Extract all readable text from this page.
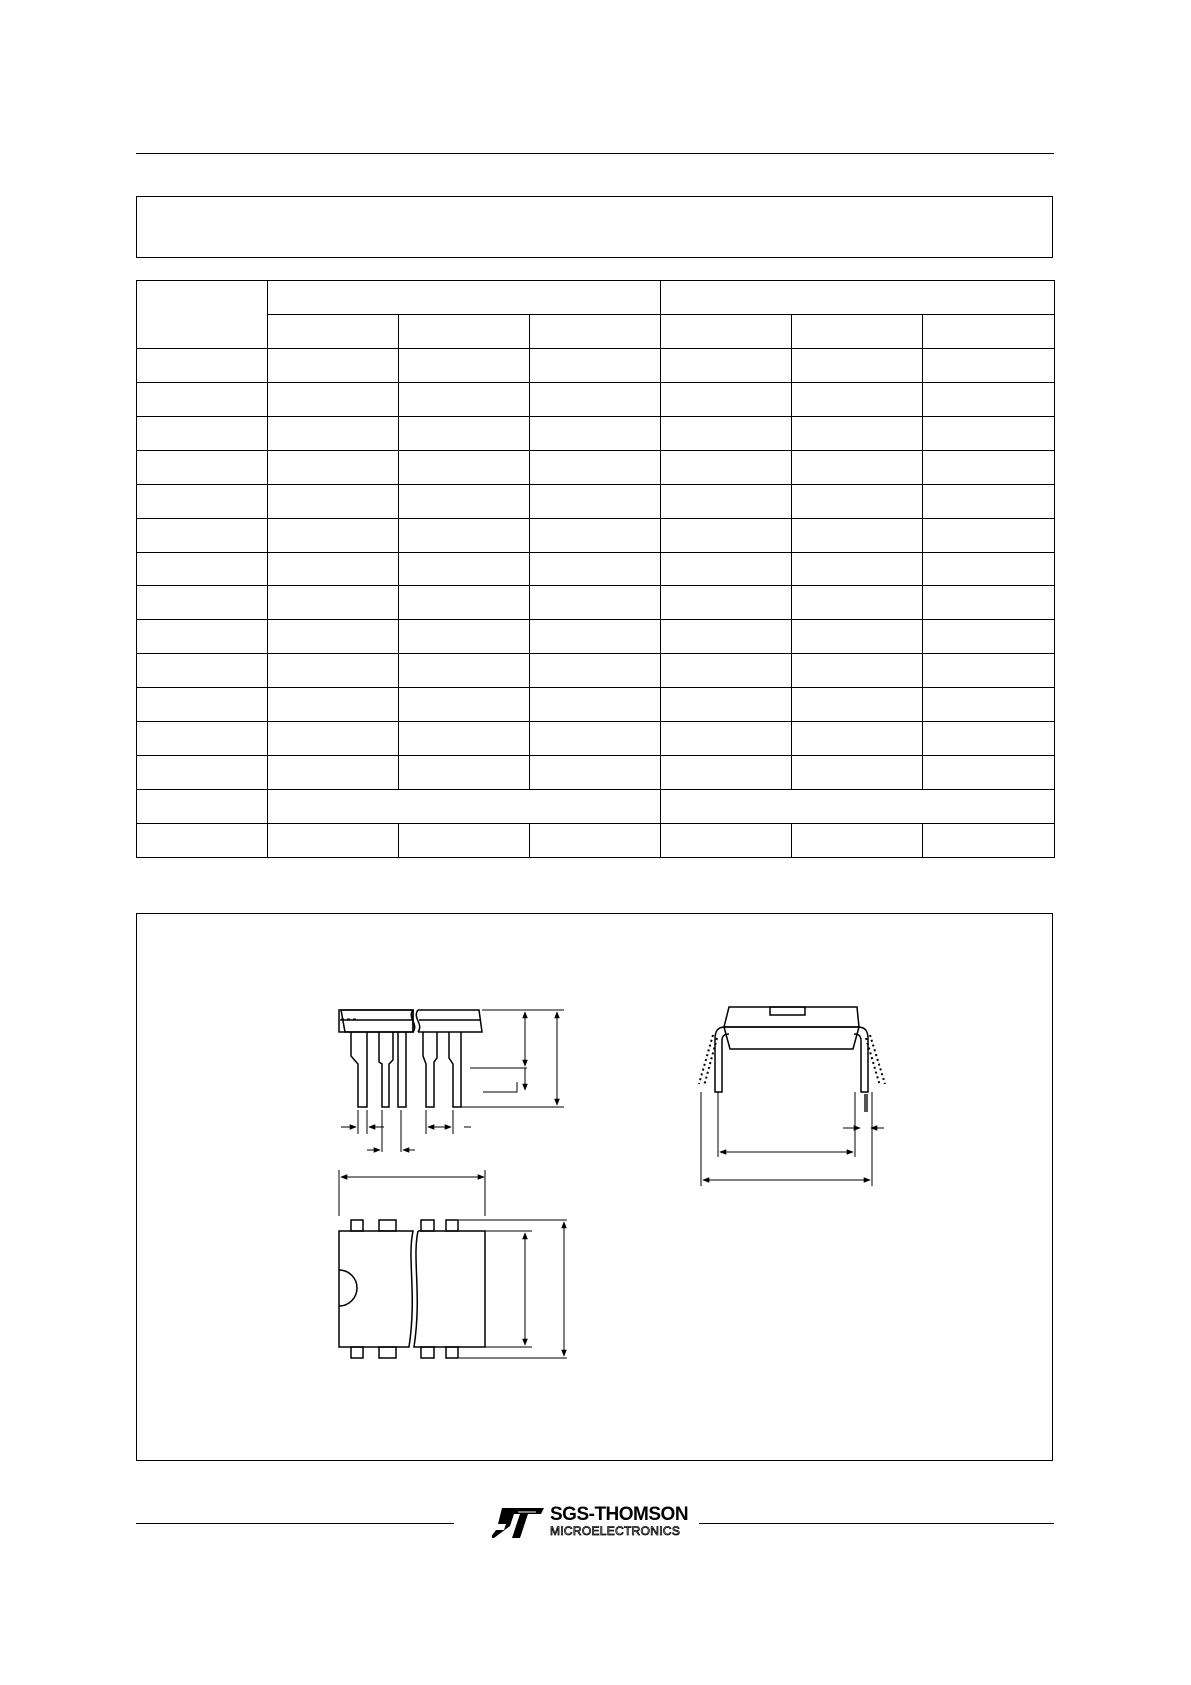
SGS-THOMSON
MICROELECTRONICS
